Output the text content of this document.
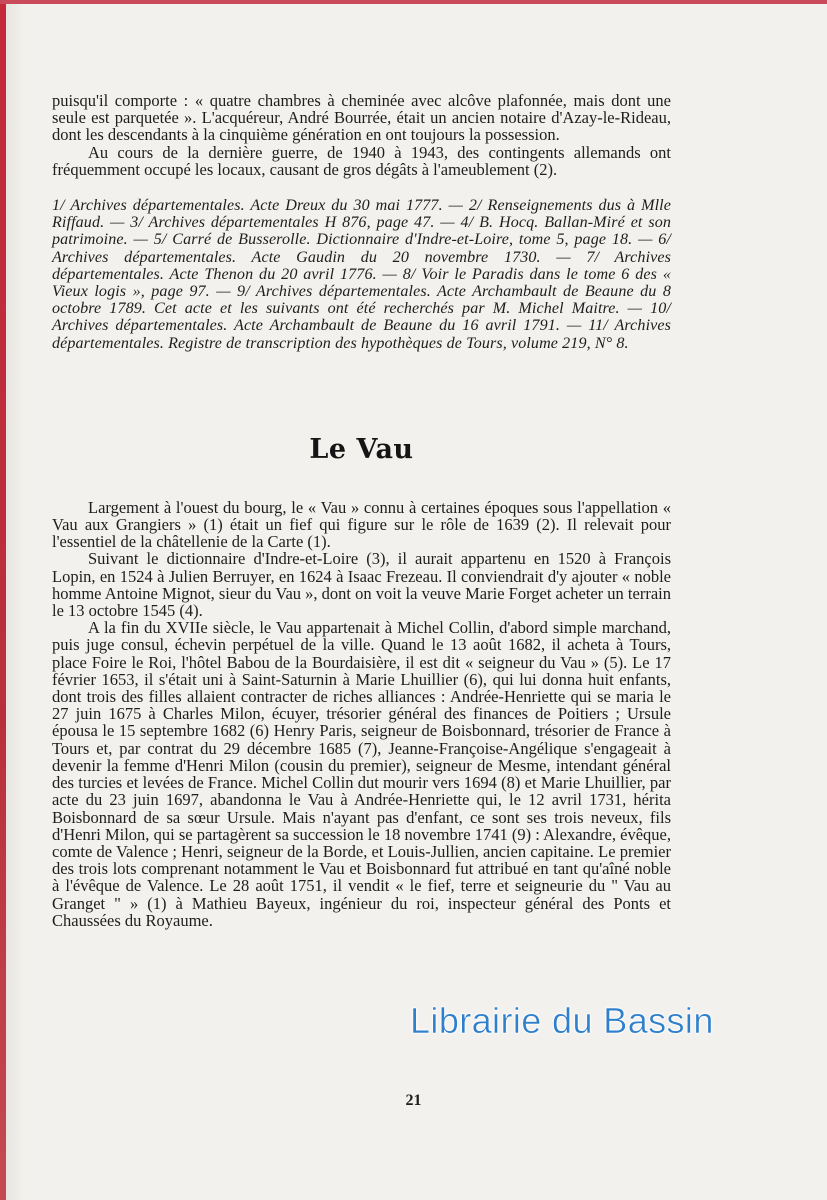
puisqu'il comporte : « quatre chambres à cheminée avec alcôve plafonnée, mais dont une seule est parquetée ». L'acquéreur, André Bourrée, était un ancien notaire d'Azay-le-Rideau, dont les descendants à la cinquième génération en ont toujours la possession.

Au cours de la dernière guerre, de 1940 à 1943, des contingents allemands ont fréquemment occupé les locaux, causant de gros dégâts à l'ameublement (2).

1/ Archives départementales. Acte Dreux du 30 mai 1777. — 2/ Renseignements dus à Mlle Riffaud. — 3/ Archives départementales H 876, page 47. — 4/ B. Hocq. Ballan-Miré et son patrimoine. — 5/ Carré de Busserolle. Dictionnaire d'Indre-et-Loire, tome 5, page 18. — 6/ Archives départementales. Acte Gaudin du 20 novembre 1730. — 7/ Archives départementales. Acte Thenon du 20 avril 1776. — 8/ Voir le Paradis dans le tome 6 des « Vieux logis », page 97. — 9/ Archives départementales. Acte Archambault de Beaune du 8 octobre 1789. Cet acte et les suivants ont été recherchés par M. Michel Maitre. — 10/ Archives départementales. Acte Archambault de Beaune du 16 avril 1791. — 11/ Archives départementales. Registre de transcription des hypothèques de Tours, volume 219, N° 8.
Le Vau

Largement à l'ouest du bourg, le « Vau » connu à certaines époques sous l'appellation « Vau aux Grangiers » (1) était un fief qui figure sur le rôle de 1639 (2). Il relevait pour l'essentiel de la châtellenie de la Carte (1).

Suivant le dictionnaire d'Indre-et-Loire (3), il aurait appartenu en 1520 à François Lopin, en 1524 à Julien Berruyer, en 1624 à Isaac Frezeau. Il conviendrait d'y ajouter « noble homme Antoine Mignot, sieur du Vau », dont on voit la veuve Marie Forget acheter un terrain le 13 octobre 1545 (4).

A la fin du XVIIe siècle, le Vau appartenait à Michel Collin, d'abord simple marchand, puis juge consul, échevin perpétuel de la ville. Quand le 13 août 1682, il acheta à Tours, place Foire le Roi, l'hôtel Babou de la Bourdaisière, il est dit « seigneur du Vau » (5). Le 17 février 1653, il s'était uni à Saint-Saturnin à Marie Lhuillier (6), qui lui donna huit enfants, dont trois des filles allaient contracter de riches alliances : Andrée-Henriette qui se maria le 27 juin 1675 à Charles Milon, écuyer, trésorier général des finances de Poitiers ; Ursule épousa le 15 septembre 1682 (6) Henry Paris, seigneur de Boisbonnard, trésorier de France à Tours et, par contrat du 29 décembre 1685 (7), Jeanne-Françoise-Angélique s'engageait à devenir la femme d'Henri Milon (cousin du premier), seigneur de Mesme, intendant général des turcies et levées de France. Michel Collin dut mourir vers 1694 (8) et Marie Lhuillier, par acte du 23 juin 1697, abandonna le Vau à Andrée-Henriette qui, le 12 avril 1731, hérita Boisbonnard de sa sœur Ursule. Mais n'ayant pas d'enfant, ce sont ses trois neveux, fils d'Henri Milon, qui se partagèrent sa succession le 18 novembre 1741 (9) : Alexandre, évêque, comte de Valence ; Henri, seigneur de la Borde, et Louis-Jullien, ancien capitaine. Le premier des trois lots comprenant notamment le Vau et Boisbonnard fut attribué en tant qu'aîné noble à l'évêque de Valence. Le 28 août 1751, il vendit « le fief, terre et seigneurie du " Vau au Granget " » (1) à Mathieu Bayeux, ingénieur du roi, inspecteur général des Ponts et Chaussées du Royaume.

21
Librairie du Bassin
